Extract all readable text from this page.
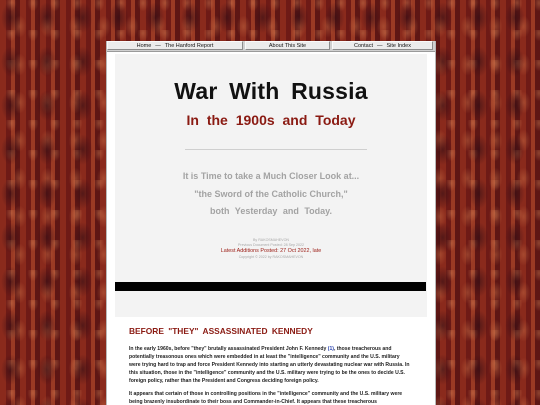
Home — The Hanford Report	About This Site	Contact — Site Index
War With Russia
In the 1900s and Today
It is Time to take a Much Closer Look at...
"the Sword of the Catholic Church,"
both Yesterday and Today.
By RAKOSMAHEVON
Previous Document Posted: 28 Sep 2022
Latest Additions Posted: 27 Oct 2022, late
Copyright © 2022 by RAKOSMAHEVON
BEFORE "THEY" ASSASSINATED KENNEDY
In the early 1960s, before "they" brutally assassinated President John F. Kennedy (1), those treacherous and potentially treasonous ones which were embedded in at least the "intelligence" community and the U.S. military were trying hard to trap and force President Kennedy into starting an utterly devastating nuclear war with Russia. In this situation, those in the "intelligence" community and the U.S. military were trying to be the ones to decide U.S. foreign policy, rather than the President and Congress deciding foreign policy.
It appears that certain of those in controlling positions in the "intelligence" community and the U.S. military were being brazenly insubordinate to their boss and Commander-in-Chief. It appears that these treacherous
